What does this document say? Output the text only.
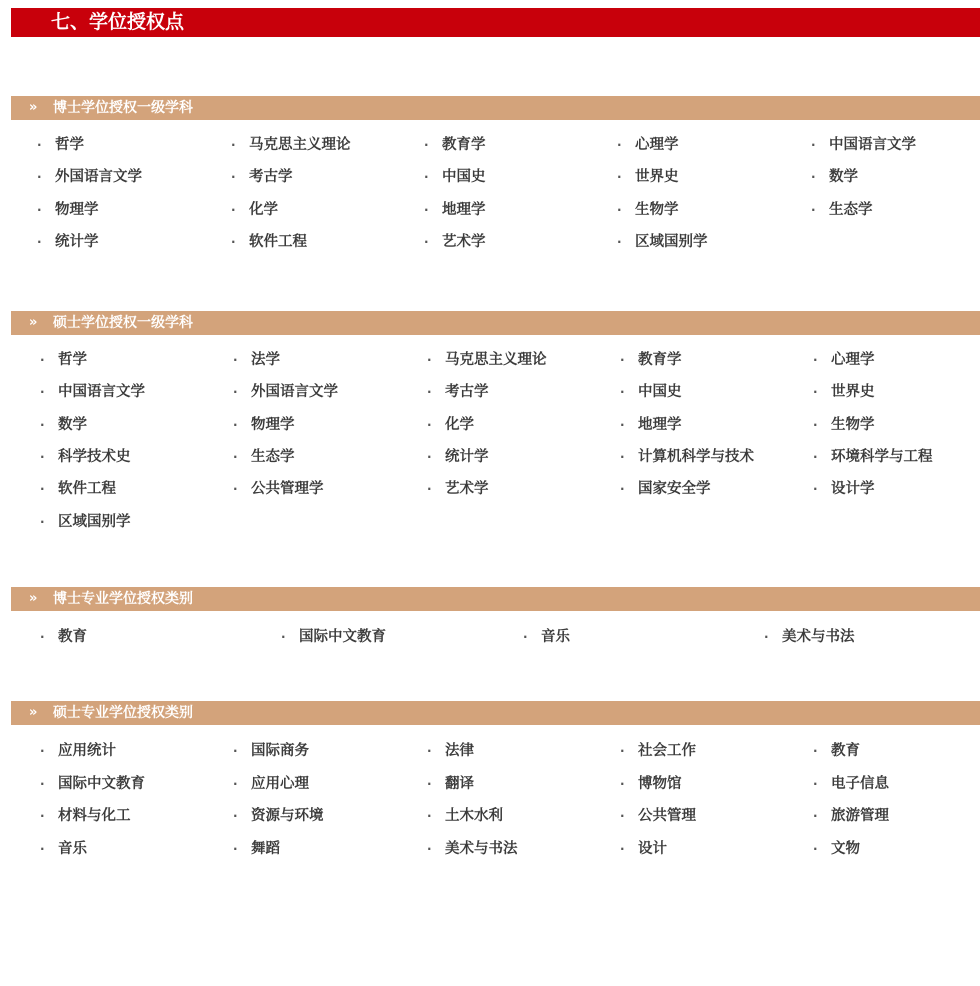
七、学位授权点
» 博士学位授权一级学科
· 哲学	· 马克思主义理论	· 教育学	· 心理学	· 中国语言文学
· 外国语言文学	· 考古学	· 中国史	· 世界史	· 数学
· 物理学	· 化学	· 地理学	· 生物学	· 生态学
· 统计学	· 软件工程	· 艺术学	· 区域国别学
» 硕士学位授权一级学科
· 哲学	· 法学	· 马克思主义理论	· 教育学	· 心理学
· 中国语言文学	· 外国语言文学	· 考古学	· 中国史	· 世界史
· 数学	· 物理学	· 化学	· 地理学	· 生物学
· 科学技术史	· 生态学	· 统计学	· 计算机科学与技术	· 环境科学与工程
· 软件工程	· 公共管理学	· 艺术学	· 国家安全学	· 设计学
· 区域国别学
» 博士专业学位授权类别
· 教育	· 国际中文教育	· 音乐	· 美术与书法
» 硕士专业学位授权类别
· 应用统计	· 国际商务	· 法律	· 社会工作	· 教育
· 国际中文教育	· 应用心理	· 翻译	· 博物馆	· 电子信息
· 材料与化工	· 资源与环境	· 土木水利	· 公共管理	· 旅游管理
· 音乐	· 舞蹈	· 美术与书法	· 设计	· 文物
